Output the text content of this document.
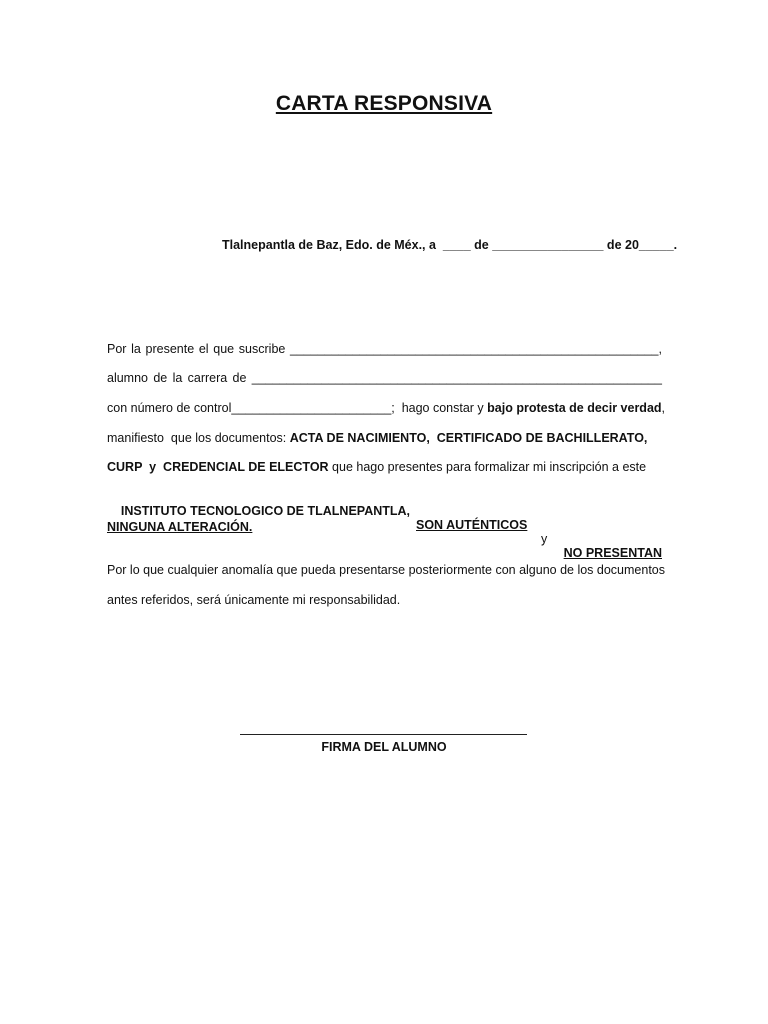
CARTA RESPONSIVA
Tlalnepantla de Baz, Edo. de Méx., a  ____ de ________________ de 20_____.
Por la presente el que suscribe _____________________________________________________,
alumno de la carrera de ___________________________________________________________
con número de control_______________________;  hago constar y bajo protesta de decir verdad,
manifiesto  que los documentos: ACTA DE NACIMIENTO,  CERTIFICADO DE BACHILLERATO,
CURP  y  CREDENCIAL DE ELECTOR que hago presentes para formalizar mi inscripción a este

INSTITUTO TECNOLOGICO DE TLALNEPANTLA,

SON AUTÉNTICOS

y

NO PRESENTAN

NINGUNA ALTERACIÓN.
Por lo que cualquier anomalía que pueda presentarse posteriormente con alguno de los documentos
antes referidos, será únicamente mi responsabilidad.
FIRMA DEL ALUMNO
